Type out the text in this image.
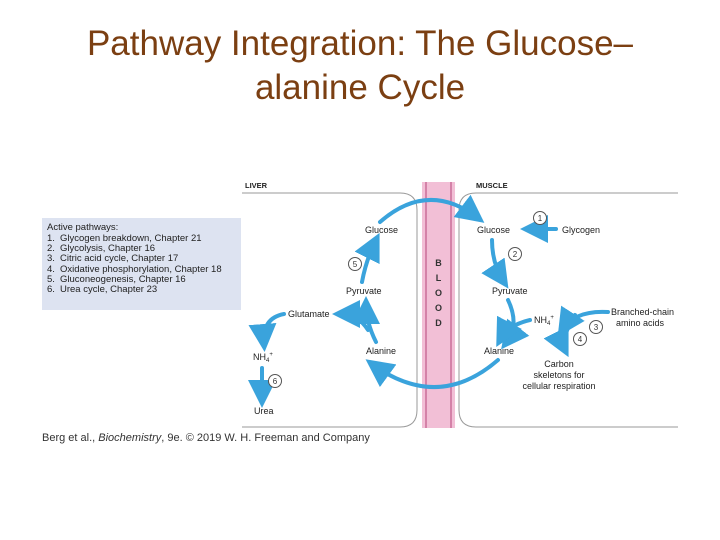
Pathway Integration: The Glucose–
alanine Cycle
B
L
O
O
D
LIVER	MUSCLE
Glucose
Pyruvate
Glutamate
Alanine
$NH_4^+$
Urea
Glucose	Glycogen
Pyruvate
Alanine
$NH_4^+$
Branched-chain amino acids
Carbon skeletons for cellular respiration
1
2
3
4
5
6
Active pathways:
1. Glycogen breakdown, Chapter 21
2. Glycolysis, Chapter 16
3. Citric acid cycle, Chapter 17
4. Oxidative phosphorylation, Chapter 18
5. Gluconeogenesis, Chapter 16
6. Urea cycle, Chapter 23
Berg et al., Biochemistry, 9e. © 2019 W. H. Freeman and Company
